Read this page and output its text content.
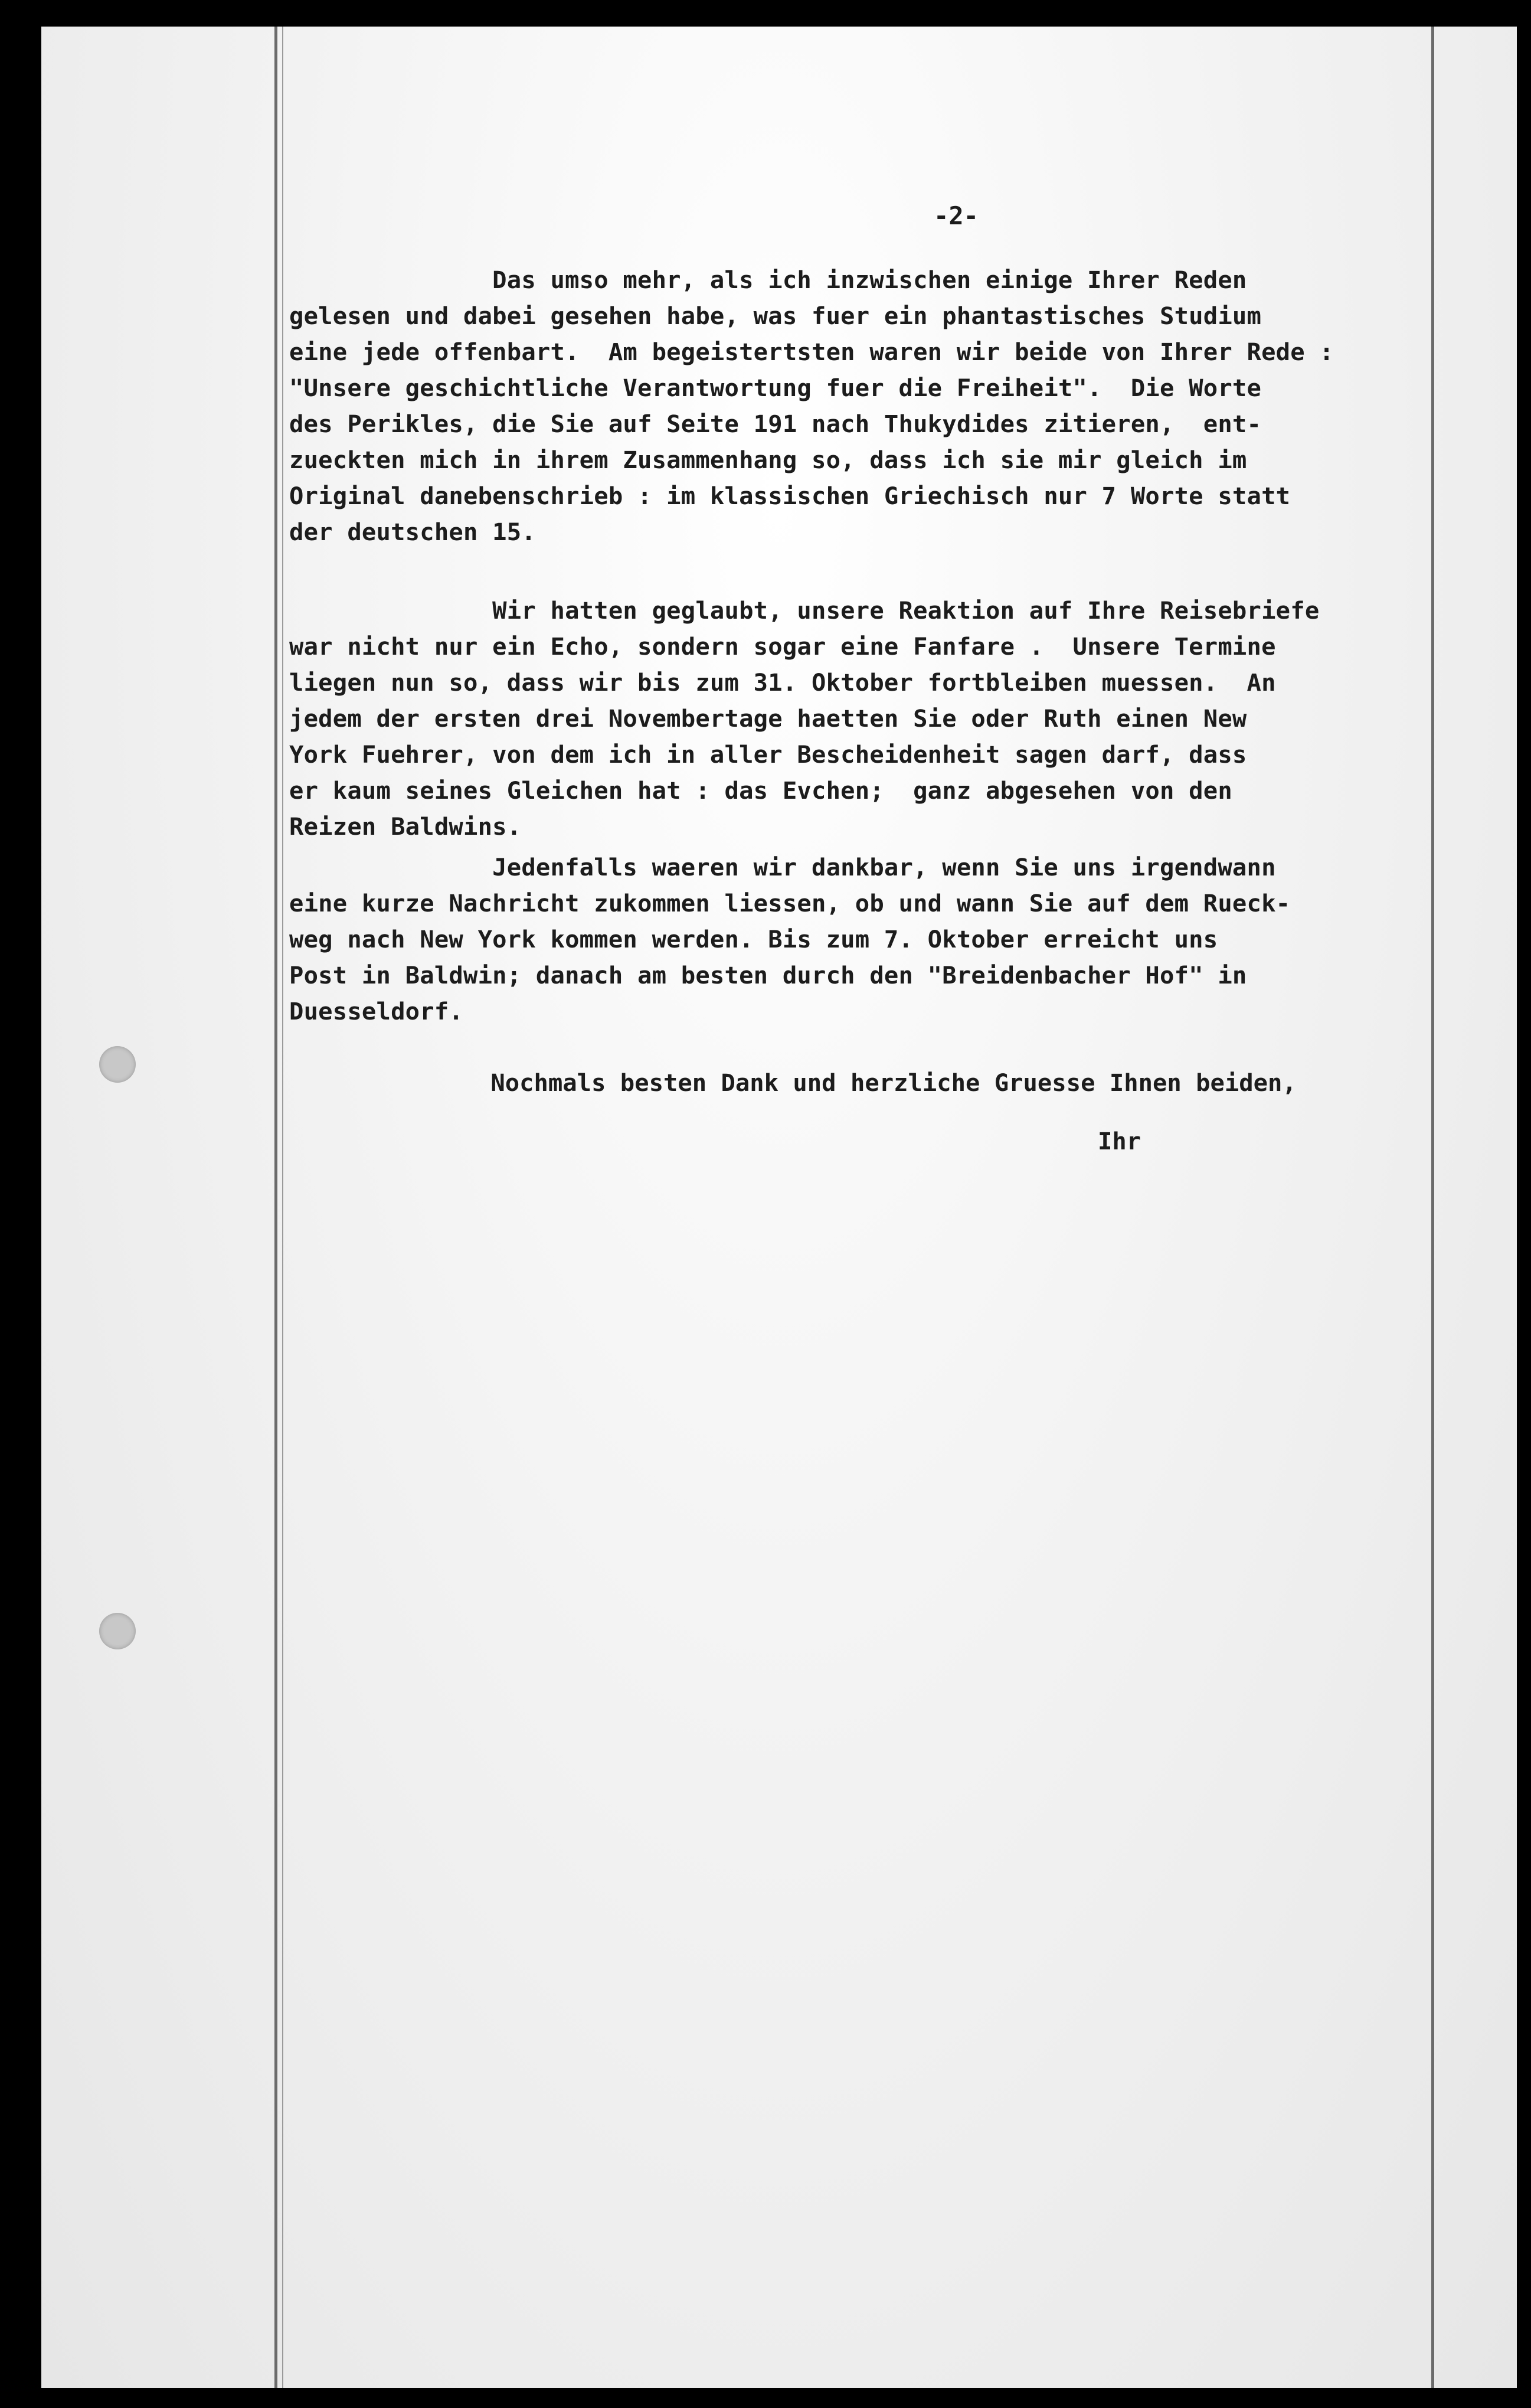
-2-
Das umso mehr, als ich inzwischen einige Ihrer Reden
gelesen und dabei gesehen habe, was fuer ein phantastisches Studium
eine jede offenbart.  Am begeistertsten waren wir beide von Ihrer Rede :
"Unsere geschichtliche Verantwortung fuer die Freiheit".  Die Worte
des Perikles, die Sie auf Seite 191 nach Thukydides zitieren,  ent-
zueckten mich in ihrem Zusammenhang so, dass ich sie mir gleich im
Original danebenschrieb : im klassischen Griechisch nur 7 Worte statt
der deutschen 15.
Wir hatten geglaubt, unsere Reaktion auf Ihre Reisebriefe
war nicht nur ein Echo, sondern sogar eine Fanfare .  Unsere Termine
liegen nun so, dass wir bis zum 31. Oktober fortbleiben muessen.  An
jedem der ersten drei Novembertage haetten Sie oder Ruth einen New
York Fuehrer, von dem ich in aller Bescheidenheit sagen darf, dass
er kaum seines Gleichen hat : das Evchen;  ganz abgesehen von den
Reizen Baldwins.
Jedenfalls waeren wir dankbar, wenn Sie uns irgendwann
eine kurze Nachricht zukommen liessen, ob und wann Sie auf dem Rueck-
weg nach New York kommen werden. Bis zum 7. Oktober erreicht uns
Post in Baldwin; danach am besten durch den "Breidenbacher Hof" in
Duesseldorf.
Nochmals besten Dank und herzliche Gruesse Ihnen beiden,
Ihr
